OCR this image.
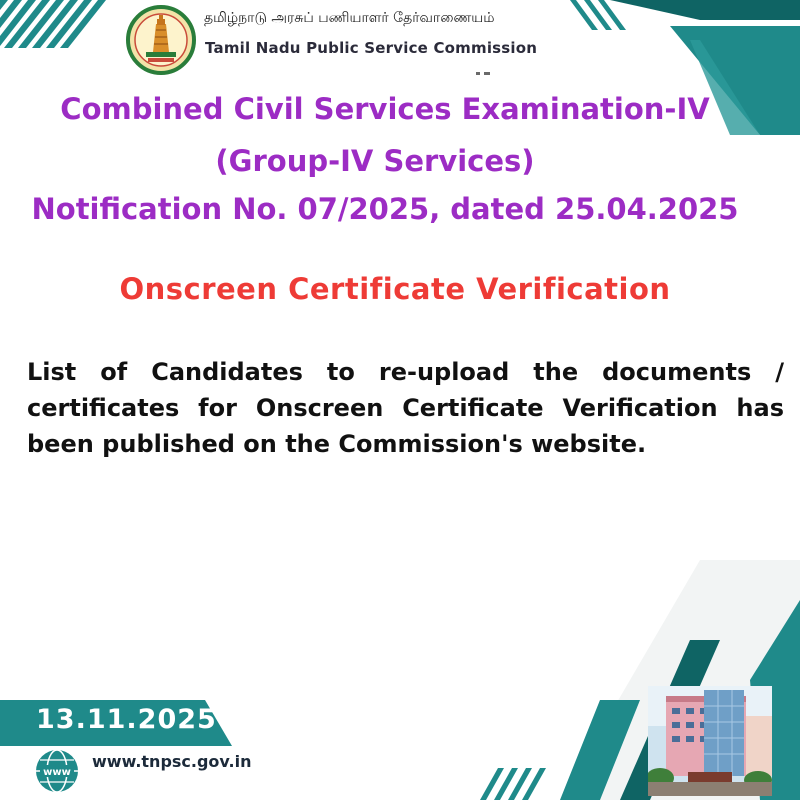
தமிழ்நாடு அரசுப் பணியாளர் தேர்வாணையம்
Tamil Nadu Public Service Commission
Combined Civil Services Examination-IV
(Group-IV Services)
Notification No. 07/2025, dated 25.04.2025
Onscreen Certificate Verification

List of Candidates to re-upload the documents / certificates for Onscreen Certificate Verification has been published on the Commission's website.

13.11.2025
www
www.tnpsc.gov.in
